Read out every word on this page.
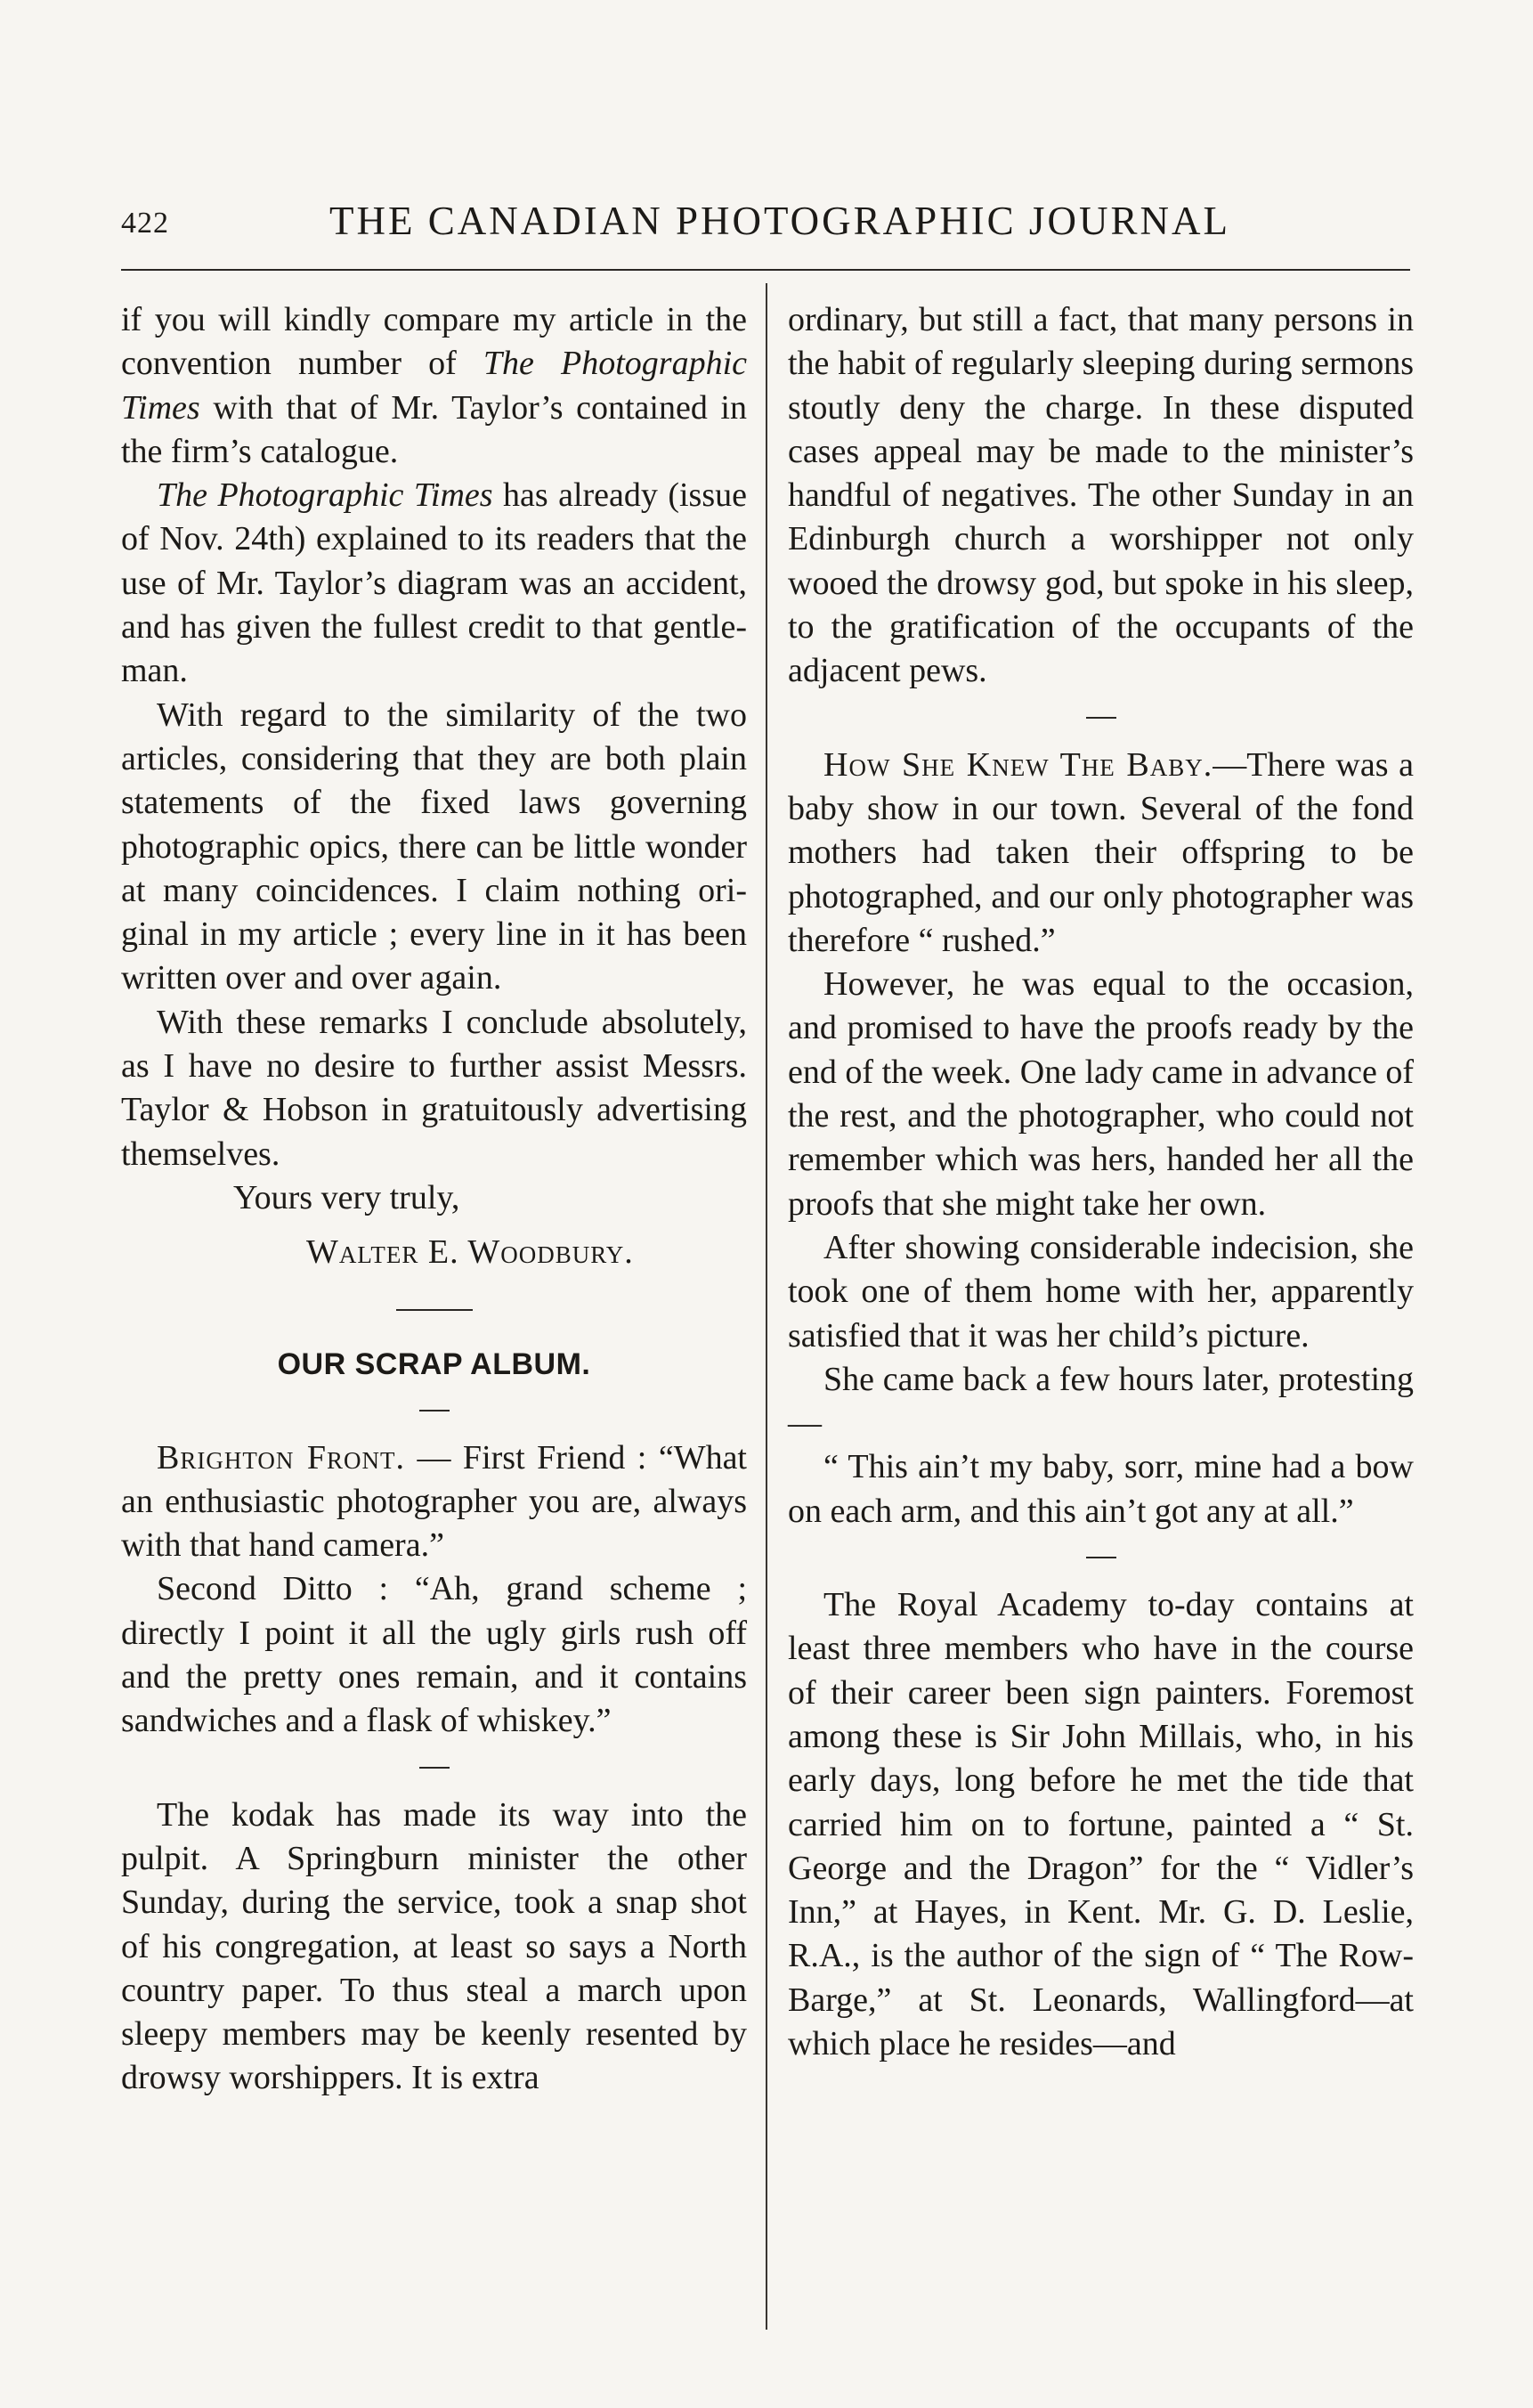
422	THE CANADIAN PHOTOGRAPHIC JOURNAL

if you will kindly compare my article in the convention number of The Photographic Times with that of Mr. Taylor’s contained in the firm’s catalogue.

The Photographic Times has already (issue of Nov. 24th) explained to its readers that the use of Mr. Taylor’s diagram was an accident, and has given the fullest credit to that gentleman.

With regard to the similarity of the two articles, considering that they are both plain statements of the fixed laws governing photographic opics, there can be little wonder at many coincidences. I claim nothing original in my article ; every line in it has been written over and over again.

With these remarks I conclude absolutely, as I have no desire to further assist Messrs. Taylor & Hobson in gratuitously advertising themselves.

Yours very truly,

Walter E. Woodbury.

OUR SCRAP ALBUM.

Brighton Front. — First Friend : “What an enthusiastic photographer you are, always with that hand camera.”

Second Ditto : “Ah, grand scheme ; directly I point it all the ugly girls rush off and the pretty ones remain, and it contains sandwiches and a flask of whiskey.”

The kodak has made its way into the pulpit. A Springburn minister the other Sunday, during the service, took a snap shot of his congregation, at least so says a North country paper. To thus steal a march upon sleepy members may be keenly resented by drowsy worshippers. It is extra

ordinary, but still a fact, that many persons in the habit of regularly sleeping during sermons stoutly deny the charge. In these disputed cases appeal may be made to the minister’s handful of negatives. The other Sunday in an Edinburgh church a worshipper not only wooed the drowsy god, but spoke in his sleep, to the gratification of the occupants of the adjacent pews.

How She Knew The Baby.—There was a baby show in our town. Several of the fond mothers had taken their offspring to be photographed, and our only photographer was therefore “ rushed.”

However, he was equal to the occasion, and promised to have the proofs ready by the end of the week. One lady came in advance of the rest, and the photographer, who could not remember which was hers, handed her all the proofs that she might take her own.

After showing considerable indecision, she took one of them home with her, apparently satisfied that it was her child’s picture.

She came back a few hours later, protesting—

“ This ain’t my baby, sorr, mine had a bow on each arm, and this ain’t got any at all.”

The Royal Academy to-day contains at least three members who have in the course of their career been sign painters. Foremost among these is Sir John Millais, who, in his early days, long before he met the tide that carried him on to fortune, painted a “ St. George and the Dragon” for the “ Vidler’s Inn,” at Hayes, in Kent. Mr. G. D. Leslie, R.A., is the author of the sign of “ The Row-Barge,” at St. Leonards, Wallingford—at which place he resides—and
